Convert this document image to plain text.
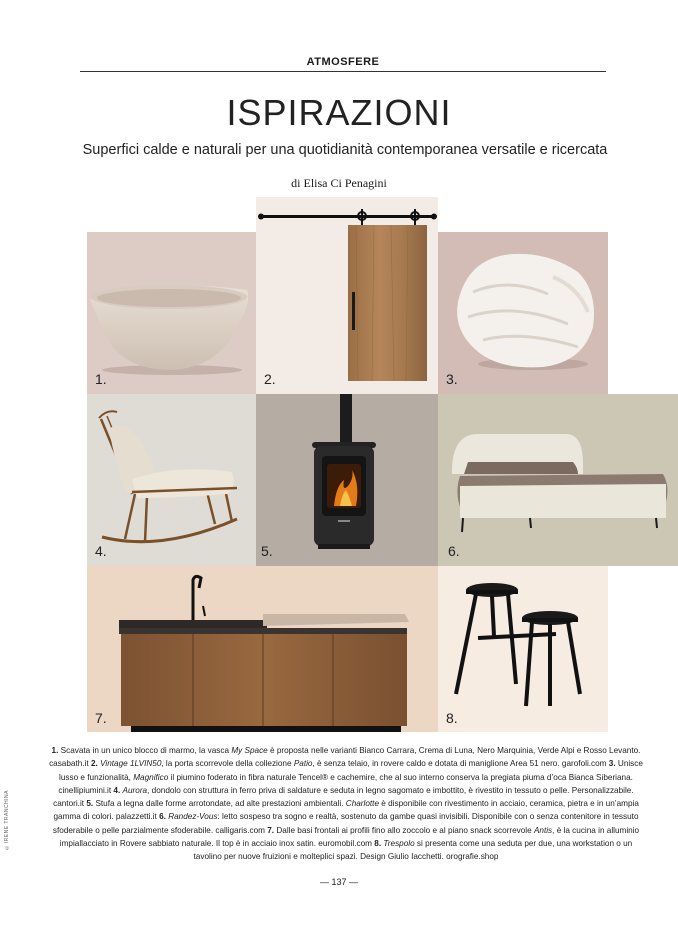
ATMOSFERE
ISPIRAZIONI
Superfici calde e naturali per una quotidianità contemporanea versatile e ricercata
di Elisa Ci Penagini
1.	2.	3.
4.	5.	6.
7.	8.
1. Scavata in un unico blocco di marmo, la vasca My Space è proposta nelle varianti Bianco Carrara, Crema di Luna, Nero Marquinia, Verde Alpi e Rosso Levanto. casabath.it 2. Vintage 1LVIN50, la porta scorrevole della collezione Patio, è senza telaio, in rovere caldo e dotata di maniglione Area 51 nero. garofoli.com 3. Unisce lusso e funzionalità, Magnifico il piumino foderato in fibra naturale Tencel® e cachemire, che al suo interno conserva la pregiata piuma d’oca Bianca Siberiana. cinellipiumini.it 4. Aurora, dondolo con struttura in ferro priva di saldature e seduta in legno sagomato e imbottito, è rivestito in tessuto o pelle. Personalizzabile. cantori.it 5. Stufa a legna dalle forme arrotondate, ad alte prestazioni ambientali. Charlotte è disponibile con rivestimento in acciaio, ceramica, pietra e in un’ampia gamma di colori. palazzetti.it 6. Randez-Vous: letto sospeso tra sogno e realtà, sostenuto da gambe quasi invisibili. Disponibile con o senza contenitore in tessuto sfoderabile o pelle parzialmente sfoderabile. calligaris.com 7. Dalle basi frontali ai profili fino allo zoccolo e al piano snack scorrevole Antis, è la cucina in alluminio impiallacciato in Rovere sabbiato naturale. Il top è in acciaio inox satin. euromobil.com 8. Trespolo si presenta come una seduta per due, una workstation o un tavolino per nuove fruizioni e molteplici spazi. Design Giulio Iacchetti. orografie.shop
©IRENE TRANCHINA
— 137 —
